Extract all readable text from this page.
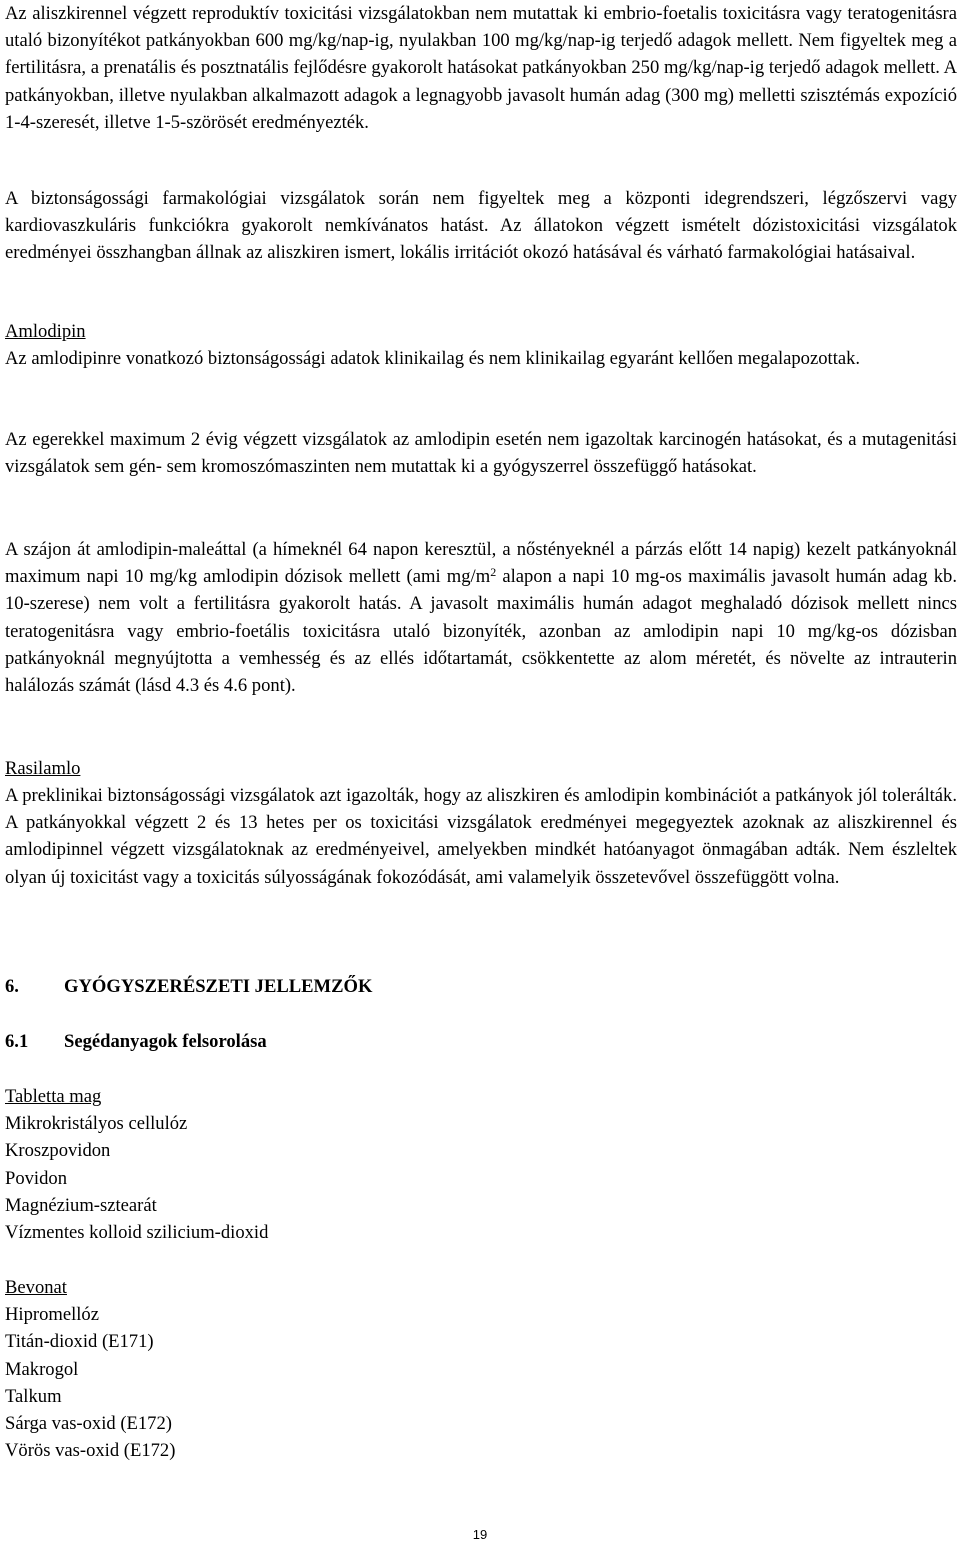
Az aliszkirennel végzett reproduktív toxicitási vizsgálatokban nem mutattak ki embrio-foetalis toxicitásra vagy teratogenitásra utaló bizonyítékot patkányokban 600 mg/kg/nap-ig, nyulakban 100 mg/kg/nap-ig terjedő adagok mellett. Nem figyeltek meg a fertilitásra, a prenatális és posztnatális fejlődésre gyakorolt hatásokat patkányokban 250 mg/kg/nap-ig terjedő adagok mellett. A patkányokban, illetve nyulakban alkalmazott adagok a legnagyobb javasolt humán adag (300 mg) melletti szisztémás expozíció 1-4-szeresét, illetve 1-5-szörösét eredményezték.

A biztonságossági farmakológiai vizsgálatok során nem figyeltek meg a központi idegrendszeri, légzőszervi vagy kardiovaszkuláris funkciókra gyakorolt nemkívánatos hatást. Az állatokon végzett ismételt dózistoxicitási vizsgálatok eredményei összhangban állnak az aliszkiren ismert, lokális irritációt okozó hatásával és várható farmakológiai hatásaival.

Amlodipin

Az amlodipinre vonatkozó biztonságossági adatok klinikailag és nem klinikailag egyaránt kellően megalapozottak.

Az egerekkel maximum 2 évig végzett vizsgálatok az amlodipin esetén nem igazoltak karcinogén hatásokat, és a mutagenitási vizsgálatok sem gén- sem kromoszómaszinten nem mutattak ki a gyógyszerrel összefüggő hatásokat.

A szájon át amlodipin-maleáttal (a hímeknél 64 napon keresztül, a nőstényeknél a párzás előtt 14 napig) kezelt patkányoknál maximum napi 10 mg/kg amlodipin dózisok mellett (ami $mg/m^2$ alapon a napi 10 mg-os maximális javasolt humán adag kb. 10-szerese) nem volt a fertilitásra gyakorolt hatás. A javasolt maximális humán adagot meghaladó dózisok mellett nincs teratogenitásra vagy embrio-foetális toxicitásra utaló bizonyíték, azonban az amlodipin napi 10 mg/kg-os dózisban patkányoknál megnyújtotta a vemhesség és az ellés időtartamát, csökkentette az alom méretét, és növelte az intrauterin halálozás számát (lásd 4.3 és 4.6 pont).

Rasilamlo

A preklinikai biztonságossági vizsgálatok azt igazolták, hogy az aliszkiren és amlodipin kombinációt a patkányok jól tolerálták. A patkányokkal végzett 2 és 13 hetes per os toxicitási vizsgálatok eredményei megegyeztek azoknak az aliszkirennel és amlodipinnel végzett vizsgálatoknak az eredményeivel, amelyekben mindkét hatóanyagot önmagában adták. Nem észleltek olyan új toxicitást vagy a toxicitás súlyosságának fokozódását, ami valamelyik összetevővel összefüggött volna.

6.	GYÓGYSZERÉSZETI JELLEMZŐK
6.1	Segédanyagok felsorolása

Tabletta mag

Mikrokristályos cellulóz

Kroszpovidon

Povidon

Magnézium-sztearát

Vízmentes kolloid szilicium-dioxid

Bevonat

Hipromellóz

Titán-dioxid (E171)

Makrogol

Talkum

Sárga vas-oxid (E172)

Vörös vas-oxid (E172)

19
